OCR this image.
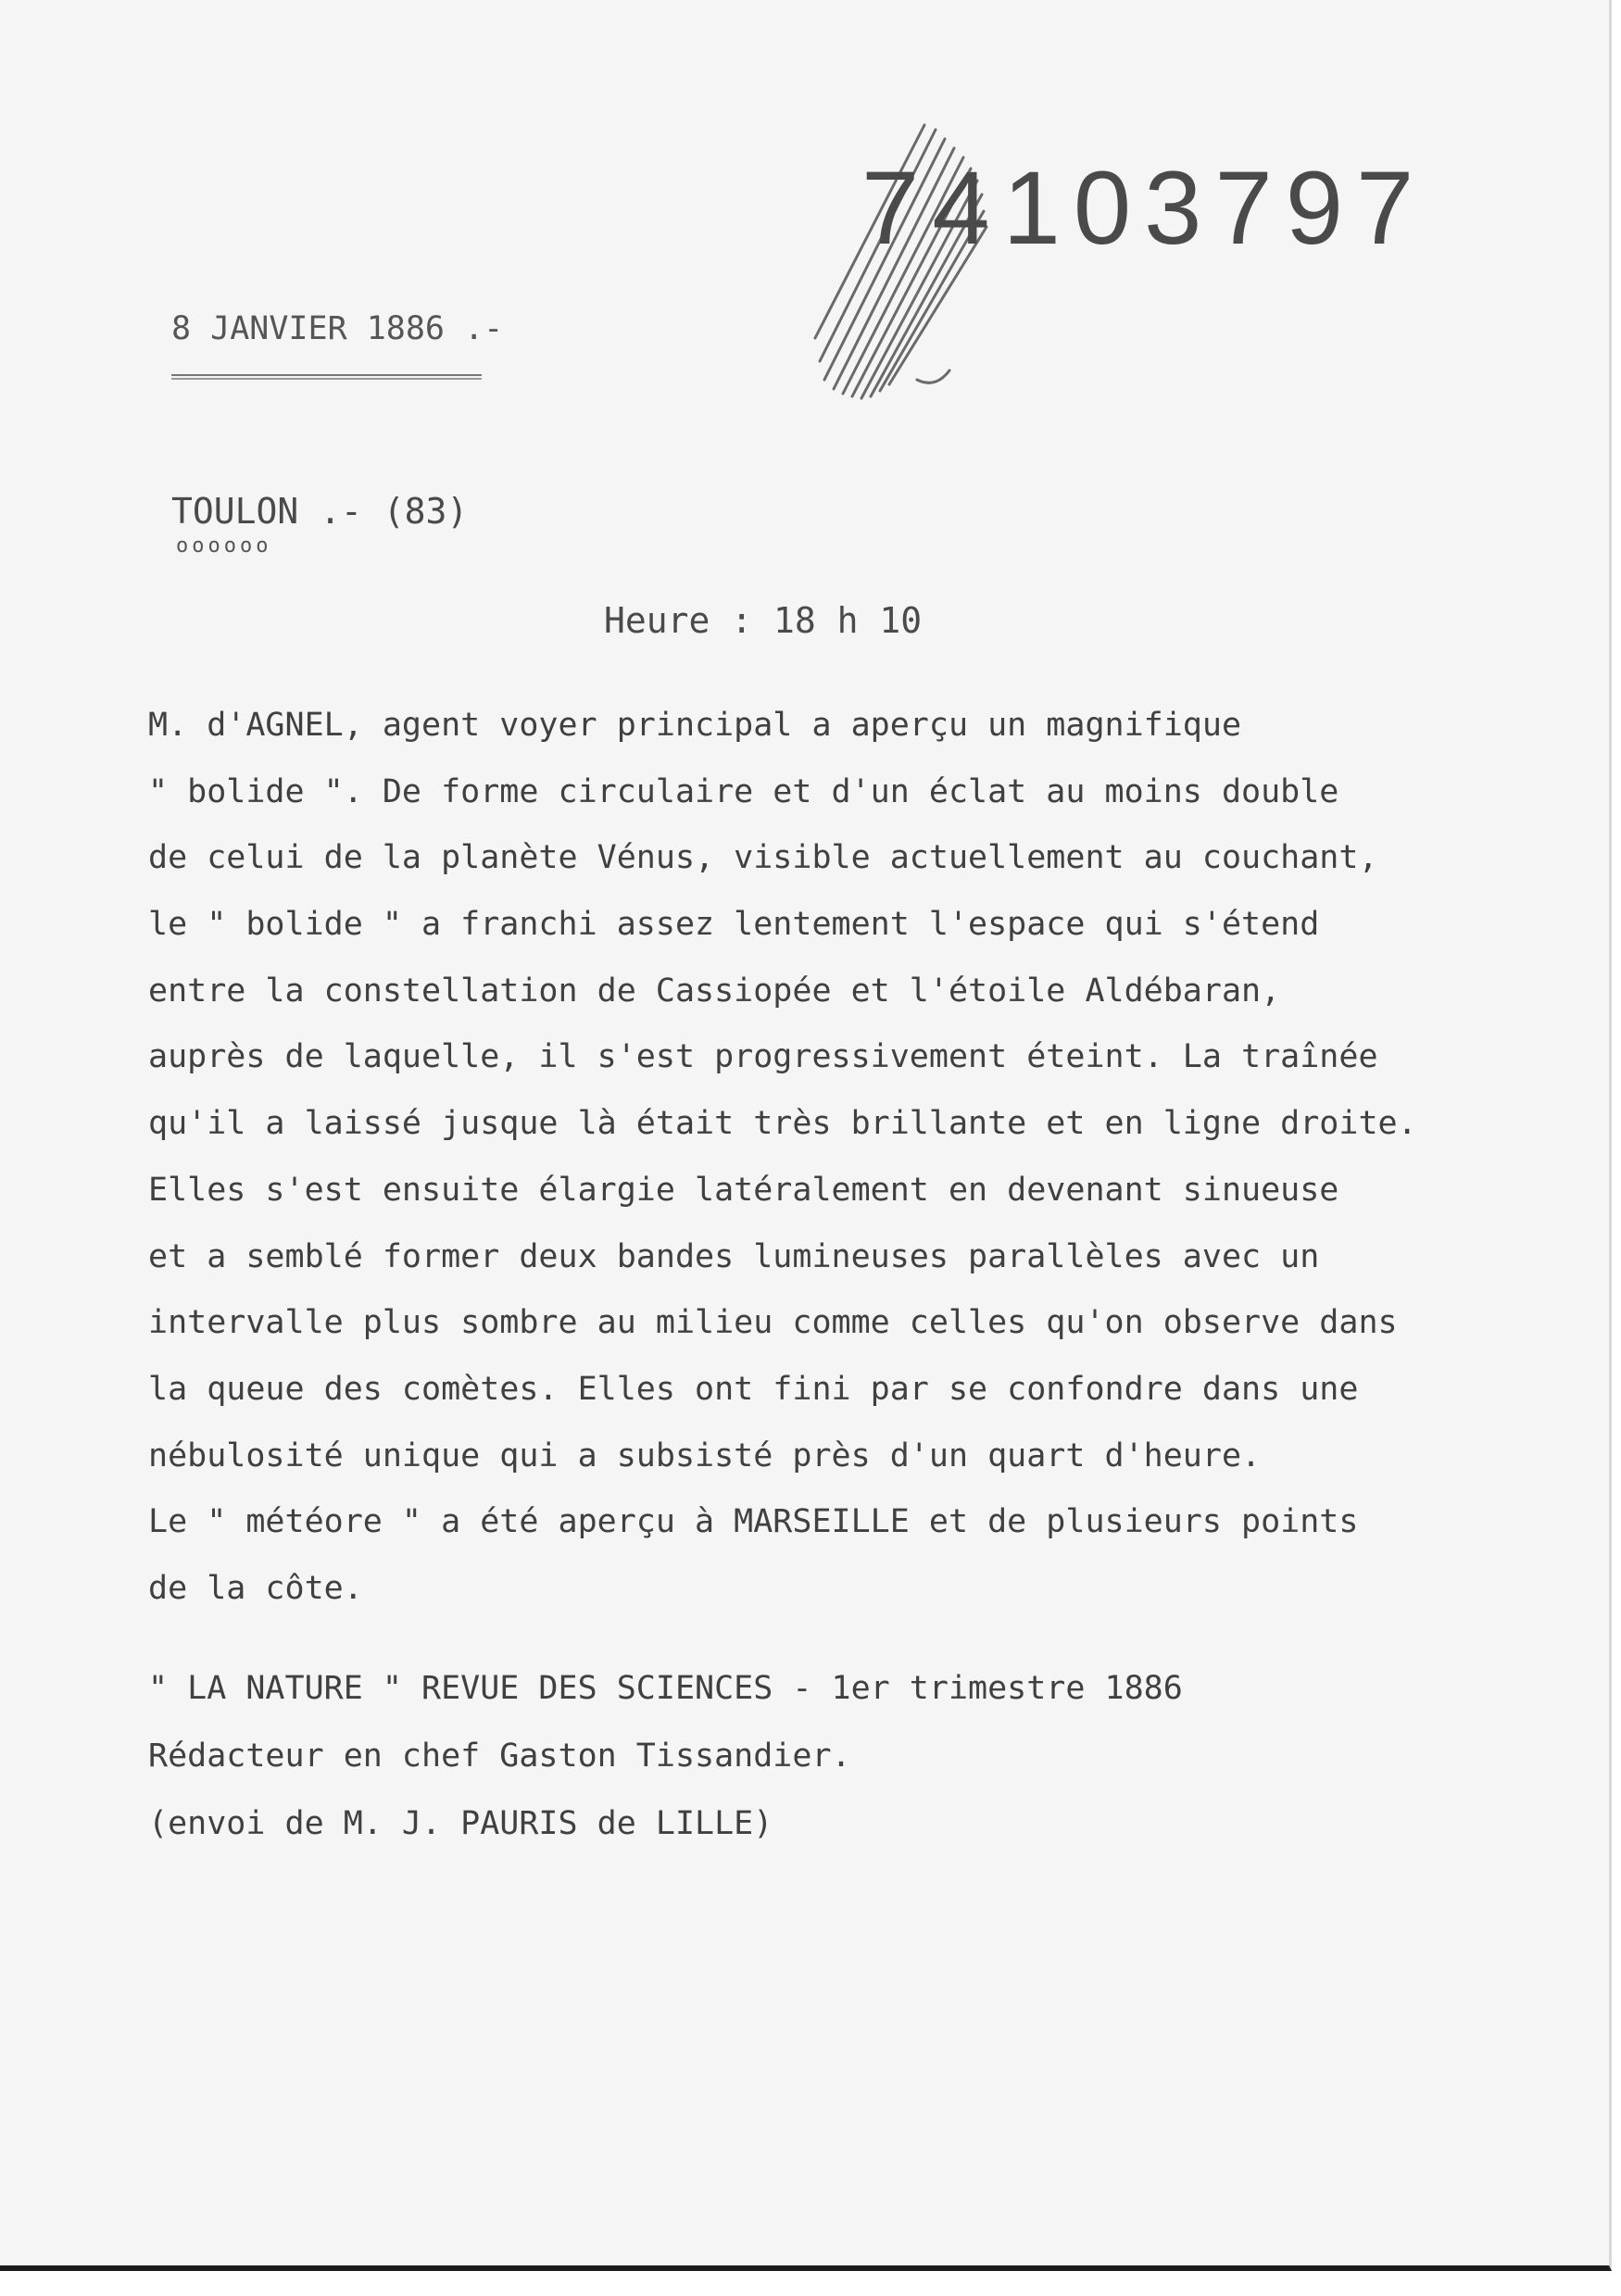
74103797
8 JANVIER 1886 .-
TOULON .- (83)
oooooo
Heure : 18 h 10
M. d'AGNEL, agent voyer principal a aperçu un magnifique
" bolide ". De forme circulaire et d'un éclat au moins double
de celui de la planète Vénus, visible actuellement au couchant,
le " bolide " a franchi assez lentement l'espace qui s'étend
entre la constellation de Cassiopée et l'étoile Aldébaran,
auprès de laquelle, il s'est progressivement éteint. La traînée
qu'il a laissé jusque là était très brillante et en ligne droite.
Elles s'est ensuite élargie latéralement en devenant sinueuse
et a semblé former deux bandes lumineuses parallèles avec un
intervalle plus sombre au milieu comme celles qu'on observe dans
la queue des comètes. Elles ont fini par se confondre dans une
nébulosité unique qui a subsisté près d'un quart d'heure.
Le " météore " a été aperçu à MARSEILLE et de plusieurs points
de la côte.
" LA NATURE " REVUE DES SCIENCES - 1er trimestre 1886
Rédacteur en chef Gaston Tissandier.
(envoi de M. J. PAURIS de LILLE)
